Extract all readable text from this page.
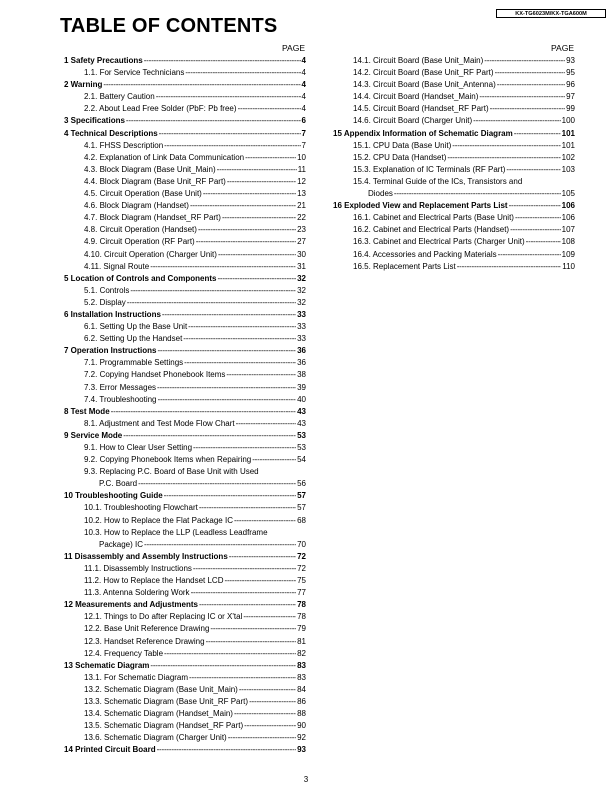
KX-TG6023M/KX-TGA600M
TABLE OF CONTENTS
PAGE	PAGE
1 Safety Precautions -----	4
1.1. For Service Technicians -----	4
2 Warning -----	4
2.1. Battery Caution -----	4
2.2. About Lead Free Solder (PbF: Pb free) -----	4
3 Specifications -----	6
4 Technical Descriptions -----	7
4.1. FHSS Description -----	7
4.2. Explanation of Link Data Communication -----	10
4.3. Block Diagram (Base Unit_Main) -----	11
4.4. Block Diagram (Base Unit_RF Part) -----	12
4.5. Circuit Operation (Base Unit) -----	13
4.6. Block Diagram (Handset) -----	21
4.7. Block Diagram (Handset_RF Part) -----	22
4.8. Circuit Operation (Handset) -----	23
4.9. Circuit Operation (RF Part) -----	27
4.10. Circuit Operation (Charger Unit) -----	30
4.11. Signal Route -----	31
5 Location of Controls and Components -----	32
5.1. Controls -----	32
5.2. Display -----	32
6 Installation Instructions -----	33
6.1. Setting Up the Base Unit -----	33
6.2. Setting Up the Handset -----	33
7 Operation Instructions -----	36
7.1. Programmable Settings -----	36
7.2. Copying Handset Phonebook Items -----	38
7.3. Error Messages -----	39
7.4. Troubleshooting -----	40
8 Test Mode -----	43
8.1. Adjustment and Test Mode Flow Chart -----	43
9 Service Mode -----	53
9.1. How to Clear User Setting -----	53
9.2. Copying Phonebook Items when Repairing -----	54
9.3. Replacing P.C. Board of Base Unit with Used
P.C. Board -----	56
10 Troubleshooting Guide -----	57
10.1. Troubleshooting Flowchart -----	57
10.2. How to Replace the Flat Package IC -----	68
10.3. How to Replace the LLP (Leadless Leadframe
Package) IC -----	70
11 Disassembly and Assembly Instructions -----	72
11.1. Disassembly Instructions -----	72
11.2. How to Replace the Handset LCD -----	75
11.3. Antenna Soldering Work -----	77
12 Measurements and Adjustments -----	78
12.1. Things to Do after Replacing IC or X'tal -----	78
12.2. Base Unit Reference Drawing -----	79
12.3. Handset Reference Drawing -----	81
12.4. Frequency Table -----	82
13 Schematic Diagram -----	83
13.1. For Schematic Diagram -----	83
13.2. Schematic Diagram (Base Unit_Main) -----	84
13.3. Schematic Diagram (Base Unit_RF Part) -----	86
13.4. Schematic Diagram (Handset_Main) -----	88
13.5. Schematic Diagram (Handset_RF Part) -----	90
13.6. Schematic Diagram (Charger Unit) -----	92
14 Printed Circuit Board -----	93
14.1. Circuit Board (Base Unit_Main) -----	93
14.2. Circuit Board (Base Unit_RF Part) -----	95
14.3. Circuit Board (Base Unit_Antenna) -----	96
14.4. Circuit Board (Handset_Main) -----	97
14.5. Circuit Board (Handset_RF Part) -----	99
14.6. Circuit Board (Charger Unit) -----	100
15 Appendix Information of Schematic Diagram -----	101
15.1. CPU Data (Base Unit) -----	101
15.2. CPU Data (Handset) -----	102
15.3. Explanation of IC Terminals (RF Part) -----	103
15.4. Terminal Guide of the ICs, Transistors and
Diodes -----	105
16 Exploded View and Replacement Parts List -----	106
16.1. Cabinet and Electrical Parts (Base Unit) -----	106
16.2. Cabinet and Electrical Parts (Handset) -----	107
16.3. Cabinet and Electrical Parts (Charger Unit) -----	108
16.4. Accessories and Packing Materials -----	109
16.5. Replacement Parts List -----	110
3
